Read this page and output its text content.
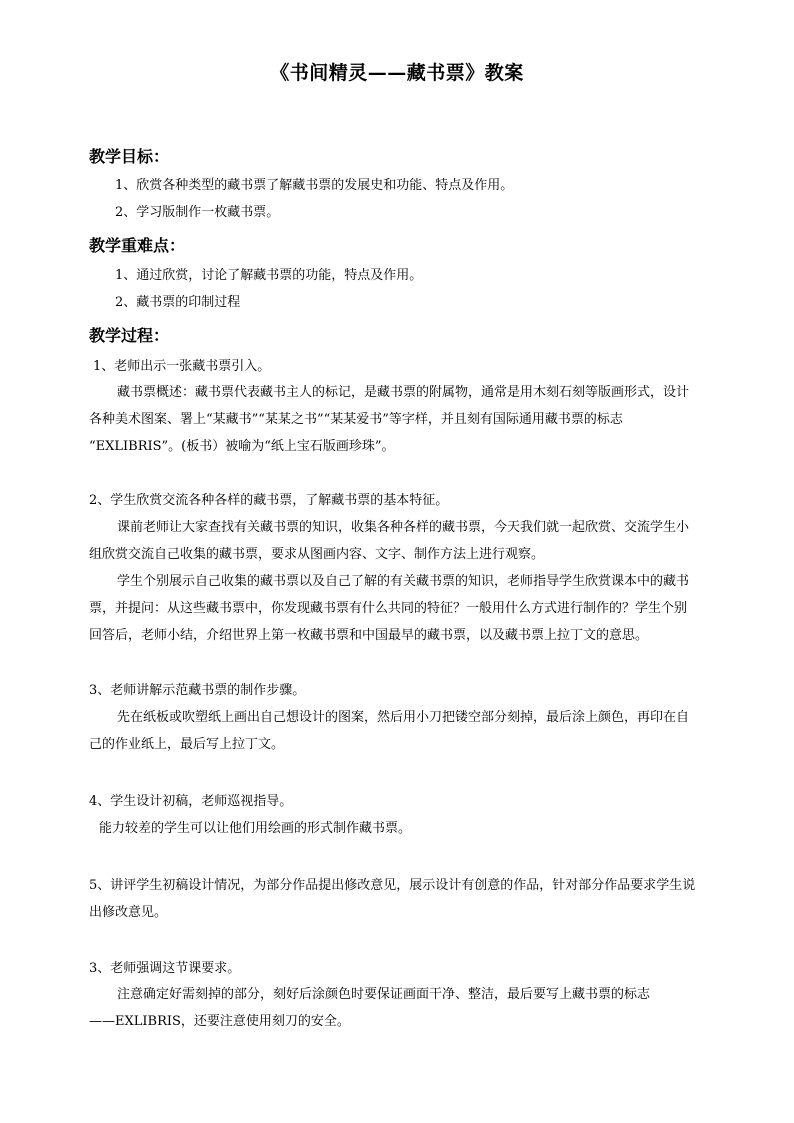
《书间精灵——藏书票》教案
教学目标：
1、欣赏各种类型的藏书票了解藏书票的发展史和功能、特点及作用。
2、学习版制作一枚藏书票。
教学重难点：
1、通过欣赏，讨论了解藏书票的功能，特点及作用。
2、藏书票的印制过程
教学过程：
1、老师出示一张藏书票引入。
藏书票概述：藏书票代表藏书主人的标记，是藏书票的附属物，通常是用木刻石刻等版画形式，设计
各种美术图案、署上“某藏书”“某某之书”“某某爱书”等字样，并且刻有国际通用藏书票的标志
“EXLIBRIS”。(板书）被喻为“纸上宝石版画珍珠”。
2、学生欣赏交流各种各样的藏书票，了解藏书票的基本特征。
课前老师让大家查找有关藏书票的知识，收集各种各样的藏书票，今天我们就一起欣赏、交流学生小
组欣赏交流自己收集的藏书票，要求从图画内容、文字、制作方法上进行观察。
学生个别展示自己收集的藏书票以及自己了解的有关藏书票的知识，老师指导学生欣赏课本中的藏书
票，并提问：从这些藏书票中，你发现藏书票有什么共同的特征？一般用什么方式进行制作的？学生个别
回答后，老师小结，介绍世界上第一枚藏书票和中国最早的藏书票，以及藏书票上拉丁文的意思。
3、老师讲解示范藏书票的制作步骤。
先在纸板或吹塑纸上画出自己想设计的图案，然后用小刀把镂空部分刻掉，最后涂上颜色，再印在自
己的作业纸上，最后写上拉丁文。
4、学生设计初稿，老师巡视指导。
能力较差的学生可以让他们用绘画的形式制作藏书票。
5、讲评学生初稿设计情况，为部分作品提出修改意见，展示设计有创意的作品，针对部分作品要求学生说
出修改意见。
3、老师强调这节课要求。
注意确定好需刻掉的部分，刻好后涂颜色时要保证画面干净、整洁，最后要写上藏书票的标志
——EXLIBRIS，还要注意使用刻刀的安全。
